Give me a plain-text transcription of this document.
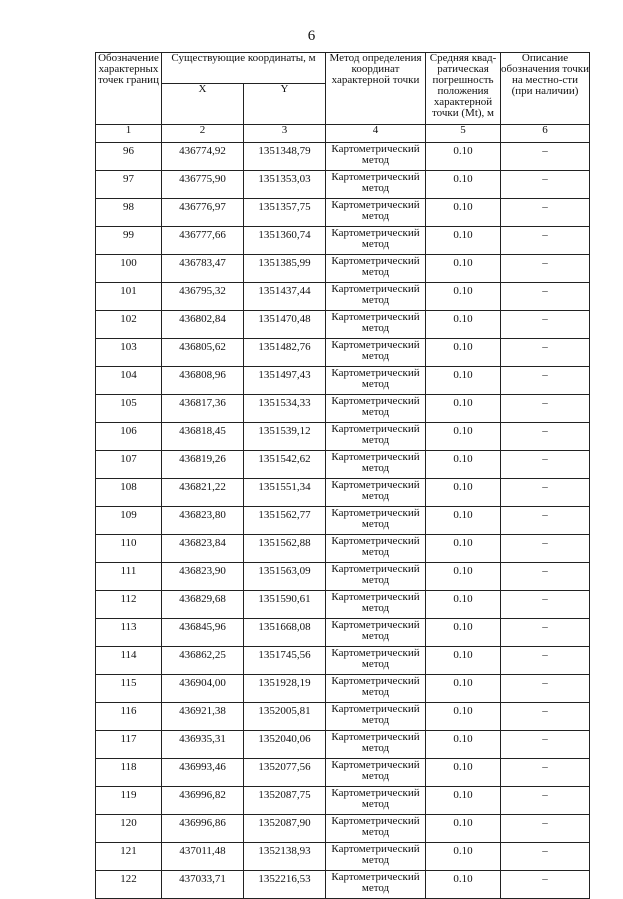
6
Обозначение характерных точек границ	Существующие координаты, м		Метод определения координат характерной точки	Средняя квад-ратическая погрешность положения характерной точки (Mt), м	Описание обозначения точки на местно-сти (при наличии)
	X	Y			
1	2	3	4	5	6
96	436774,92	1351348,79	Картометрический метод	0.10	–
97	436775,90	1351353,03	Картометрический метод	0.10	–
98	436776,97	1351357,75	Картометрический метод	0.10	–
99	436777,66	1351360,74	Картометрический метод	0.10	–
100	436783,47	1351385,99	Картометрический метод	0.10	–
101	436795,32	1351437,44	Картометрический метод	0.10	–
102	436802,84	1351470,48	Картометрический метод	0.10	–
103	436805,62	1351482,76	Картометрический метод	0.10	–
104	436808,96	1351497,43	Картометрический метод	0.10	–
105	436817,36	1351534,33	Картометрический метод	0.10	–
106	436818,45	1351539,12	Картометрический метод	0.10	–
107	436819,26	1351542,62	Картометрический метод	0.10	–
108	436821,22	1351551,34	Картометрический метод	0.10	–
109	436823,80	1351562,77	Картометрический метод	0.10	–
110	436823,84	1351562,88	Картометрический метод	0.10	–
111	436823,90	1351563,09	Картометрический метод	0.10	–
112	436829,68	1351590,61	Картометрический метод	0.10	–
113	436845,96	1351668,08	Картометрический метод	0.10	–
114	436862,25	1351745,56	Картометрический метод	0.10	–
115	436904,00	1351928,19	Картометрический метод	0.10	–
116	436921,38	1352005,81	Картометрический метод	0.10	–
117	436935,31	1352040,06	Картометрический метод	0.10	–
118	436993,46	1352077,56	Картометрический метод	0.10	–
119	436996,82	1352087,75	Картометрический метод	0.10	–
120	436996,86	1352087,90	Картометрический метод	0.10	–
121	437011,48	1352138,93	Картометрический метод	0.10	–
122	437033,71	1352216,53	Картометрический метод	0.10	–
